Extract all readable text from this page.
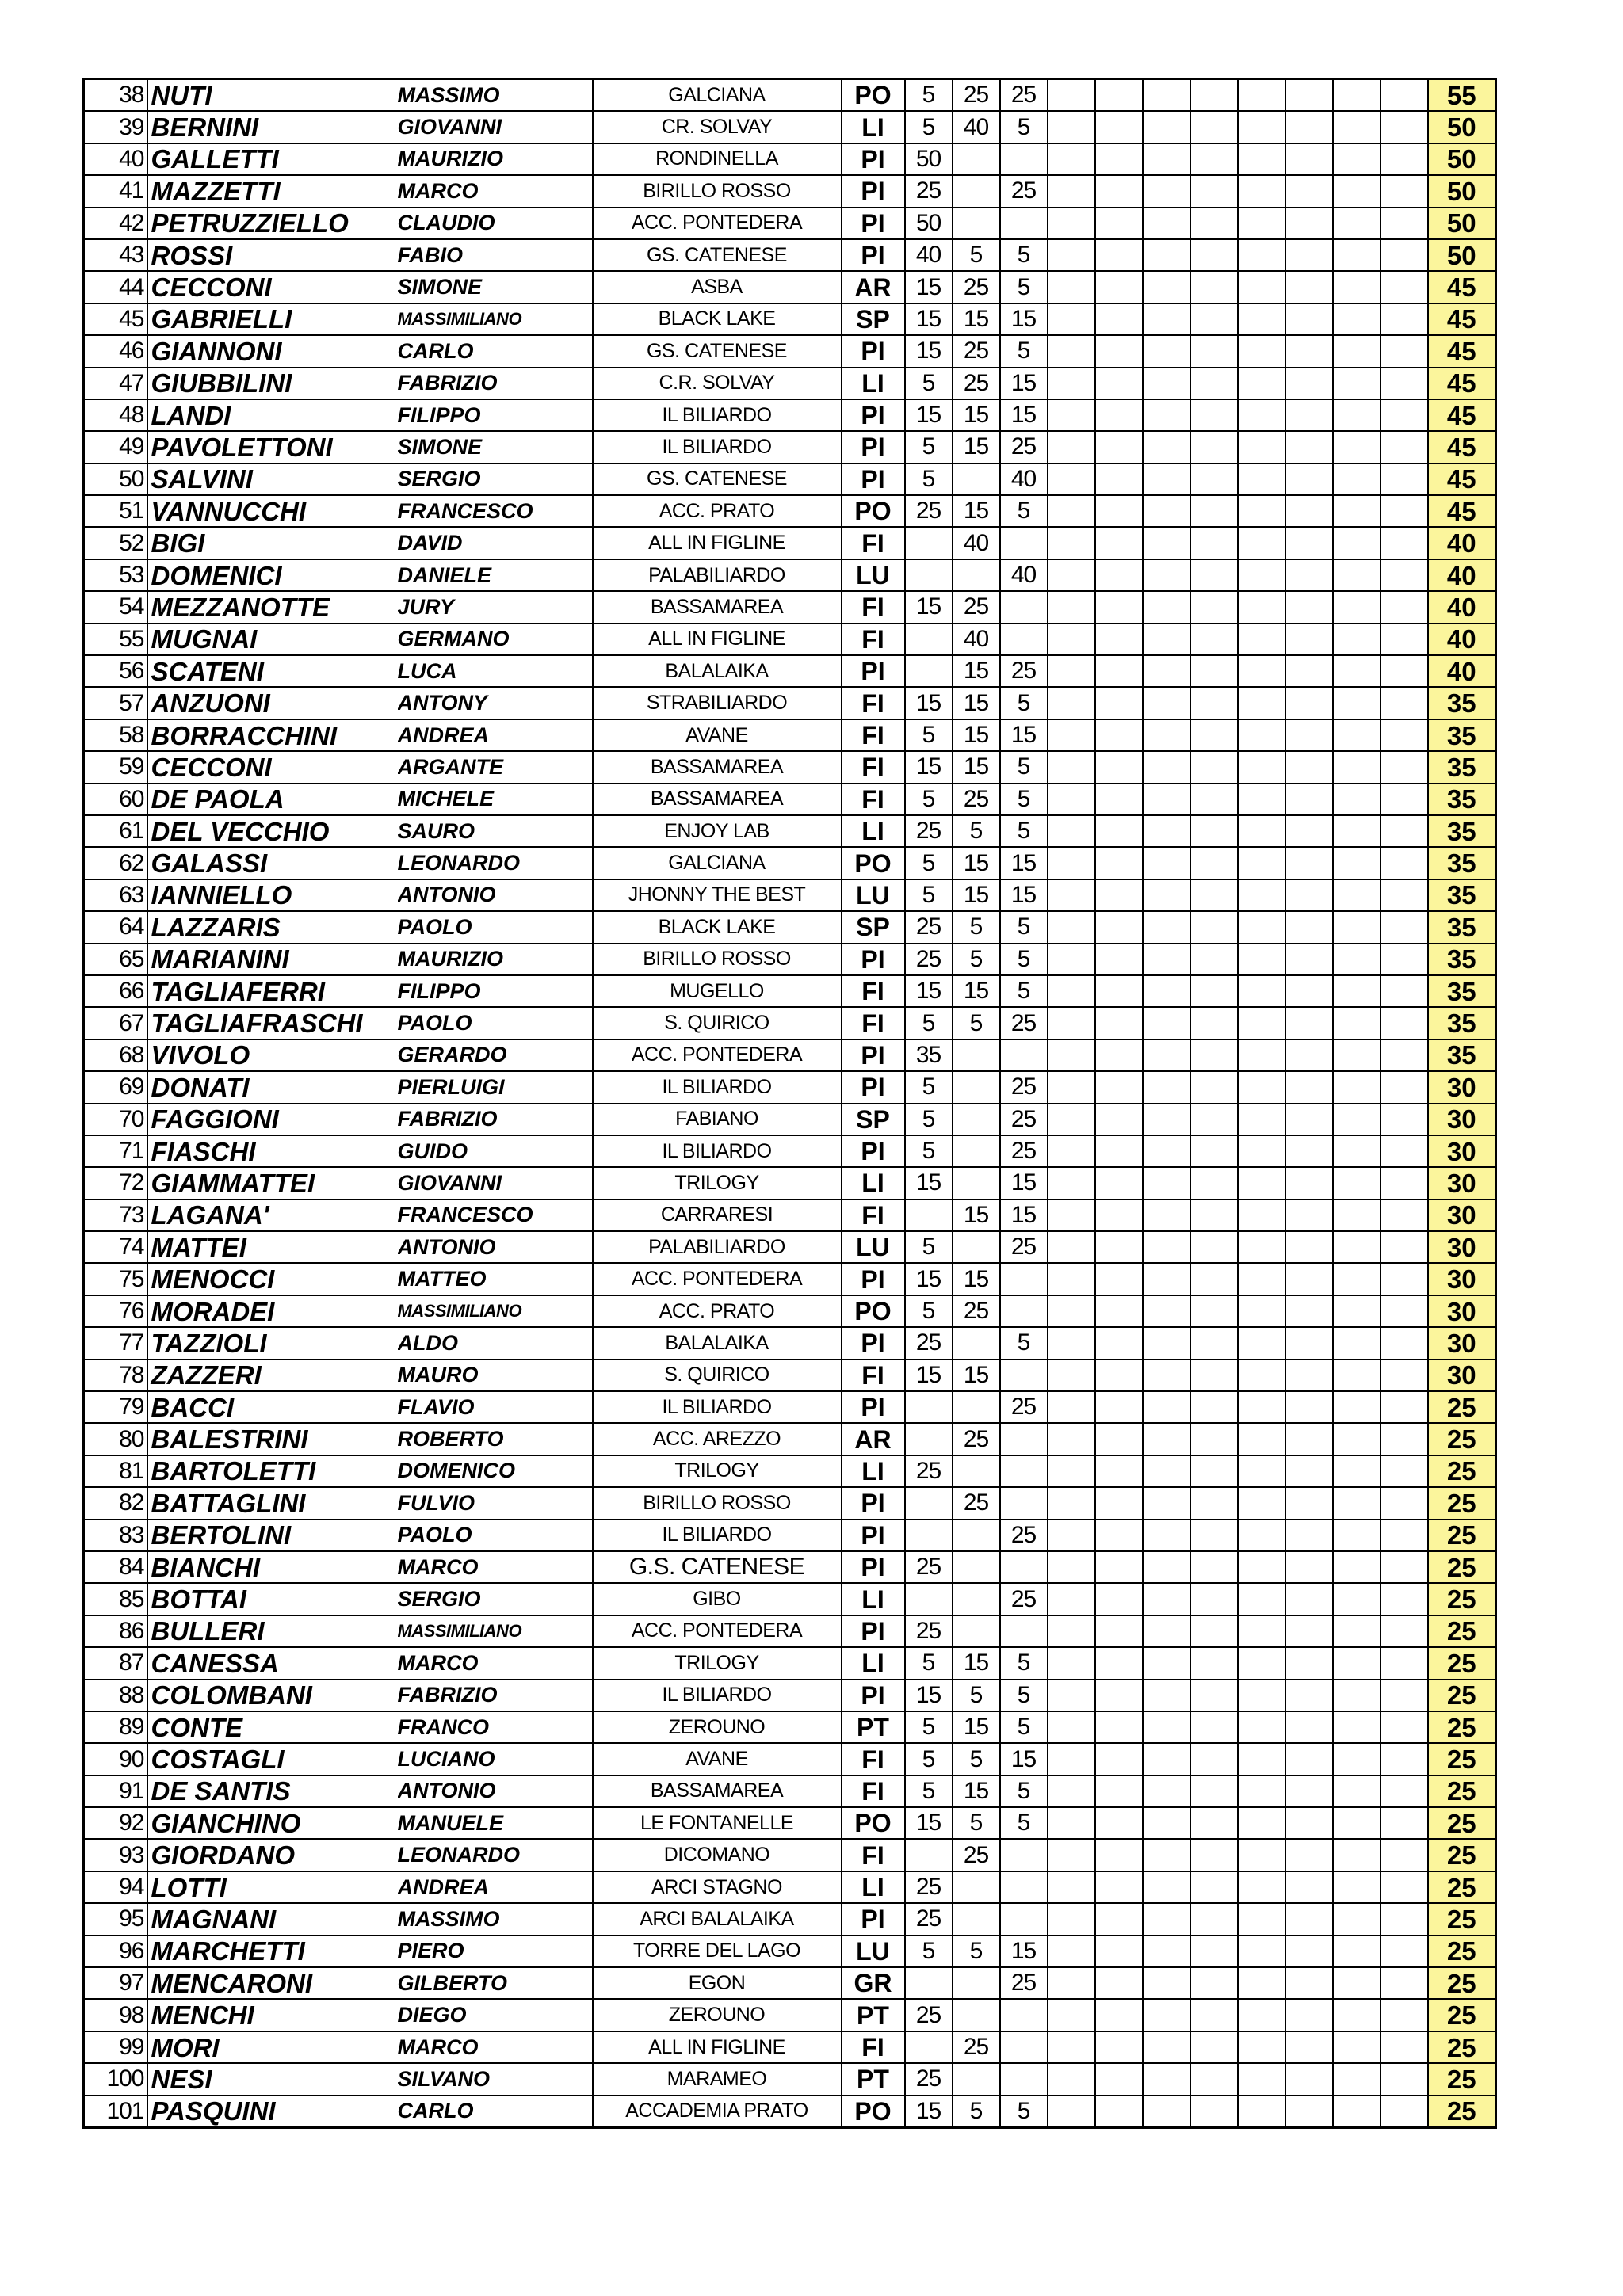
38	NUTI	MASSIMO	GALCIANA	PO	5	25	25									55
39	BERNINI	GIOVANNI	CR. SOLVAY	LI	5	40	5									50
40	GALLETTI	MAURIZIO	RONDINELLA	PI	50											50
41	MAZZETTI	MARCO	BIRILLO ROSSO	PI	25		25									50
42	PETRUZZIELLO	CLAUDIO	ACC. PONTEDERA	PI	50											50
43	ROSSI	FABIO	GS. CATENESE	PI	40	5	5									50
44	CECCONI	SIMONE	ASBA	AR	15	25	5									45
45	GABRIELLI	MASSIMILIANO	BLACK LAKE	SP	15	15	15									45
46	GIANNONI	CARLO	GS. CATENESE	PI	15	25	5									45
47	GIUBBILINI	FABRIZIO	C.R. SOLVAY	LI	5	25	15									45
48	LANDI	FILIPPO	IL BILIARDO	PI	15	15	15									45
49	PAVOLETTONI	SIMONE	IL BILIARDO	PI	5	15	25									45
50	SALVINI	SERGIO	GS. CATENESE	PI	5		40									45
51	VANNUCCHI	FRANCESCO	ACC. PRATO	PO	25	15	5									45
52	BIGI	DAVID	ALL IN FIGLINE	FI		40										40
53	DOMENICI	DANIELE	PALABILIARDO	LU			40									40
54	MEZZANOTTE	JURY	BASSAMAREA	FI	15	25										40
55	MUGNAI	GERMANO	ALL IN FIGLINE	FI		40										40
56	SCATENI	LUCA	BALALAIKA	PI		15	25									40
57	ANZUONI	ANTONY	STRABILIARDO	FI	15	15	5									35
58	BORRACCHINI	ANDREA	AVANE	FI	5	15	15									35
59	CECCONI	ARGANTE	BASSAMAREA	FI	15	15	5									35
60	DE PAOLA	MICHELE	BASSAMAREA	FI	5	25	5									35
61	DEL VECCHIO	SAURO	ENJOY LAB	LI	25	5	5									35
62	GALASSI	LEONARDO	GALCIANA	PO	5	15	15									35
63	IANNIELLO	ANTONIO	JHONNY THE BEST	LU	5	15	15									35
64	LAZZARIS	PAOLO	BLACK LAKE	SP	25	5	5									35
65	MARIANINI	MAURIZIO	BIRILLO ROSSO	PI	25	5	5									35
66	TAGLIAFERRI	FILIPPO	MUGELLO	FI	15	15	5									35
67	TAGLIAFRASCHI	PAOLO	S. QUIRICO	FI	5	5	25									35
68	VIVOLO	GERARDO	ACC. PONTEDERA	PI	35											35
69	DONATI	PIERLUIGI	IL BILIARDO	PI	5		25									30
70	FAGGIONI	FABRIZIO	FABIANO	SP	5		25									30
71	FIASCHI	GUIDO	IL BILIARDO	PI	5		25									30
72	GIAMMATTEI	GIOVANNI	TRILOGY	LI	15		15									30
73	LAGANA'	FRANCESCO	CARRARESI	FI		15	15									30
74	MATTEI	ANTONIO	PALABILIARDO	LU	5		25									30
75	MENOCCI	MATTEO	ACC. PONTEDERA	PI	15	15										30
76	MORADEI	MASSIMILIANO	ACC. PRATO	PO	5	25										30
77	TAZZIOLI	ALDO	BALALAIKA	PI	25		5									30
78	ZAZZERI	MAURO	S. QUIRICO	FI	15	15										30
79	BACCI	FLAVIO	IL BILIARDO	PI			25									25
80	BALESTRINI	ROBERTO	ACC. AREZZO	AR		25										25
81	BARTOLETTI	DOMENICO	TRILOGY	LI	25											25
82	BATTAGLINI	FULVIO	BIRILLO ROSSO	PI		25										25
83	BERTOLINI	PAOLO	IL BILIARDO	PI			25									25
84	BIANCHI	MARCO	G.S. CATENESE	PI	25											25
85	BOTTAI	SERGIO	GIBO	LI			25									25
86	BULLERI	MASSIMILIANO	ACC. PONTEDERA	PI	25											25
87	CANESSA	MARCO	TRILOGY	LI	5	15	5									25
88	COLOMBANI	FABRIZIO	IL BILIARDO	PI	15	5	5									25
89	CONTE	FRANCO	ZEROUNO	PT	5	15	5									25
90	COSTAGLI	LUCIANO	AVANE	FI	5	5	15									25
91	DE SANTIS	ANTONIO	BASSAMAREA	FI	5	15	5									25
92	GIANCHINO	MANUELE	LE FONTANELLE	PO	15	5	5									25
93	GIORDANO	LEONARDO	DICOMANO	FI		25										25
94	LOTTI	ANDREA	ARCI STAGNO	LI	25											25
95	MAGNANI	MASSIMO	ARCI BALALAIKA	PI	25											25
96	MARCHETTI	PIERO	TORRE DEL LAGO	LU	5	5	15									25
97	MENCARONI	GILBERTO	EGON	GR			25									25
98	MENCHI	DIEGO	ZEROUNO	PT	25											25
99	MORI	MARCO	ALL IN FIGLINE	FI		25										25
100	NESI	SILVANO	MARAMEO	PT	25											25
101	PASQUINI	CARLO	ACCADEMIA PRATO	PO	15	5	5									25
